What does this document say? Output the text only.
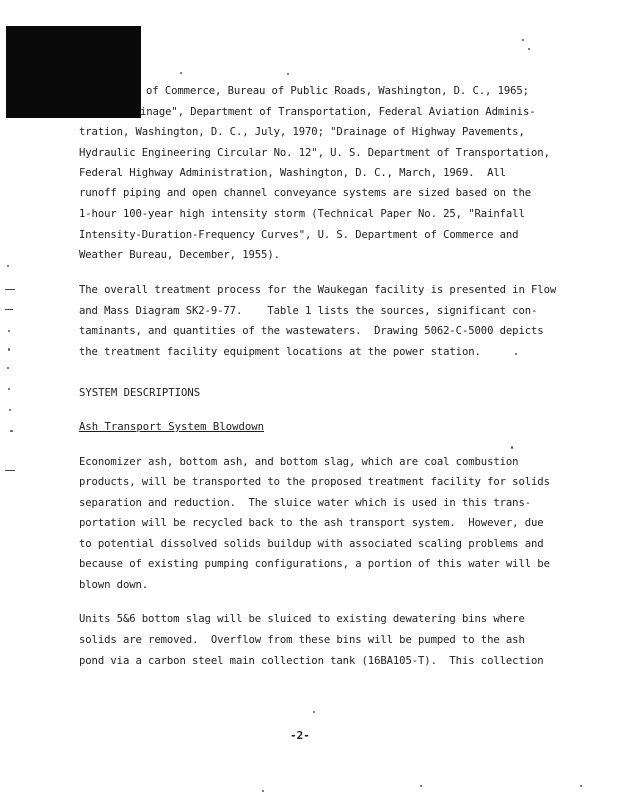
of Commerce, Bureau of Public Roads, Washington, D. C., 1965;
inage", Department of Transportation, Federal Aviation Adminis-
tration, Washington, D. C., July, 1970; "Drainage of Highway Pavements,
Hydraulic Engineering Circular No. 12", U. S. Department of Transportation,
Federal Highway Administration, Washington, D. C., March, 1969.  All
runoff piping and open channel conveyance systems are sized based on the
1-hour 100-year high intensity storm (Technical Paper No. 25, "Rainfall
Intensity-Duration-Frequency Curves", U. S. Department of Commerce and
Weather Bureau, December, 1955).
The overall treatment process for the Waukegan facility is presented in Flow
and Mass Diagram SK2-9-77.    Table 1 lists the sources, significant con-
taminants, and quantities of the wastewaters.  Drawing 5062-C-5000 depicts
the treatment facility equipment locations at the power station.
SYSTEM DESCRIPTIONS
Ash Transport System Blowdown
Economizer ash, bottom ash, and bottom slag, which are coal combustion
products, will be transported to the proposed treatment facility for solids
separation and reduction.  The sluice water which is used in this trans-
portation will be recycled back to the ash transport system.  However, due
to potential dissolved solids buildup with associated scaling problems and
because of existing pumping configurations, a portion of this water will be
blown down.
Units 5&6 bottom slag will be sluiced to existing dewatering bins where
solids are removed.  Overflow from these bins will be pumped to the ash
pond via a carbon steel main collection tank (16BA105-T).  This collection
-2-
